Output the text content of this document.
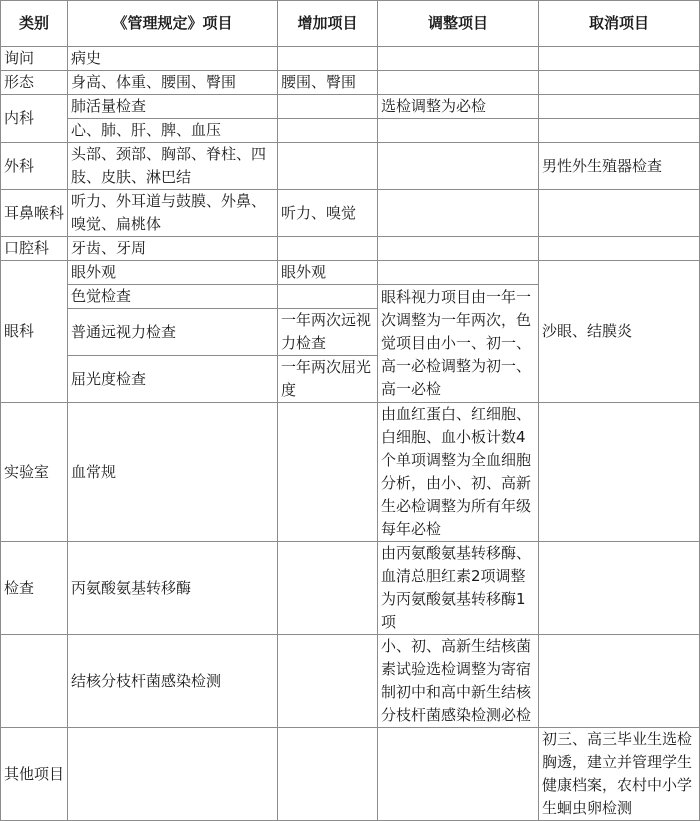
类别	《管理规定》项目	增加项目	调整项目	取消项目
询问	病史			
形态	身高、体重、腰围、臀围	腰围、臀围		
内科	肺活量检查		选检调整为必检	
	心、肺、肝、脾、血压			
外科	头部、颈部、胸部、脊柱、四肢、皮肤、淋巴结			男性外生殖器检查
耳鼻喉科	听力、外耳道与鼓膜、外鼻、嗅觉、扁桃体	听力、嗅觉		
口腔科	牙齿、牙周			
眼科	眼外观	眼外观		沙眼、结膜炎
	色觉检查		眼科视力项目由一年一次调整为一年两次，色觉项目由小一、初一、高一必检调整为初一、高一必检	
	普通远视力检查	一年两次远视力检查		
	屈光度检查	一年两次屈光度		
实验室	血常规		由血红蛋白、红细胞、白细胞、血小板计数4个单项调整为全血细胞分析，由小、初、高新生必检调整为所有年级每年必检	
检查	丙氨酸氨基转移酶		由丙氨酸氨基转移酶、血清总胆红素2项调整为丙氨酸氨基转移酶1项	
	结核分枝杆菌感染检测		小、初、高新生结核菌素试验选检调整为寄宿制初中和高中新生结核分枝杆菌感染检测必检	
其他项目				初三、高三毕业生选检胸透，建立并管理学生健康档案，农村中小学生蛔虫卵检测
